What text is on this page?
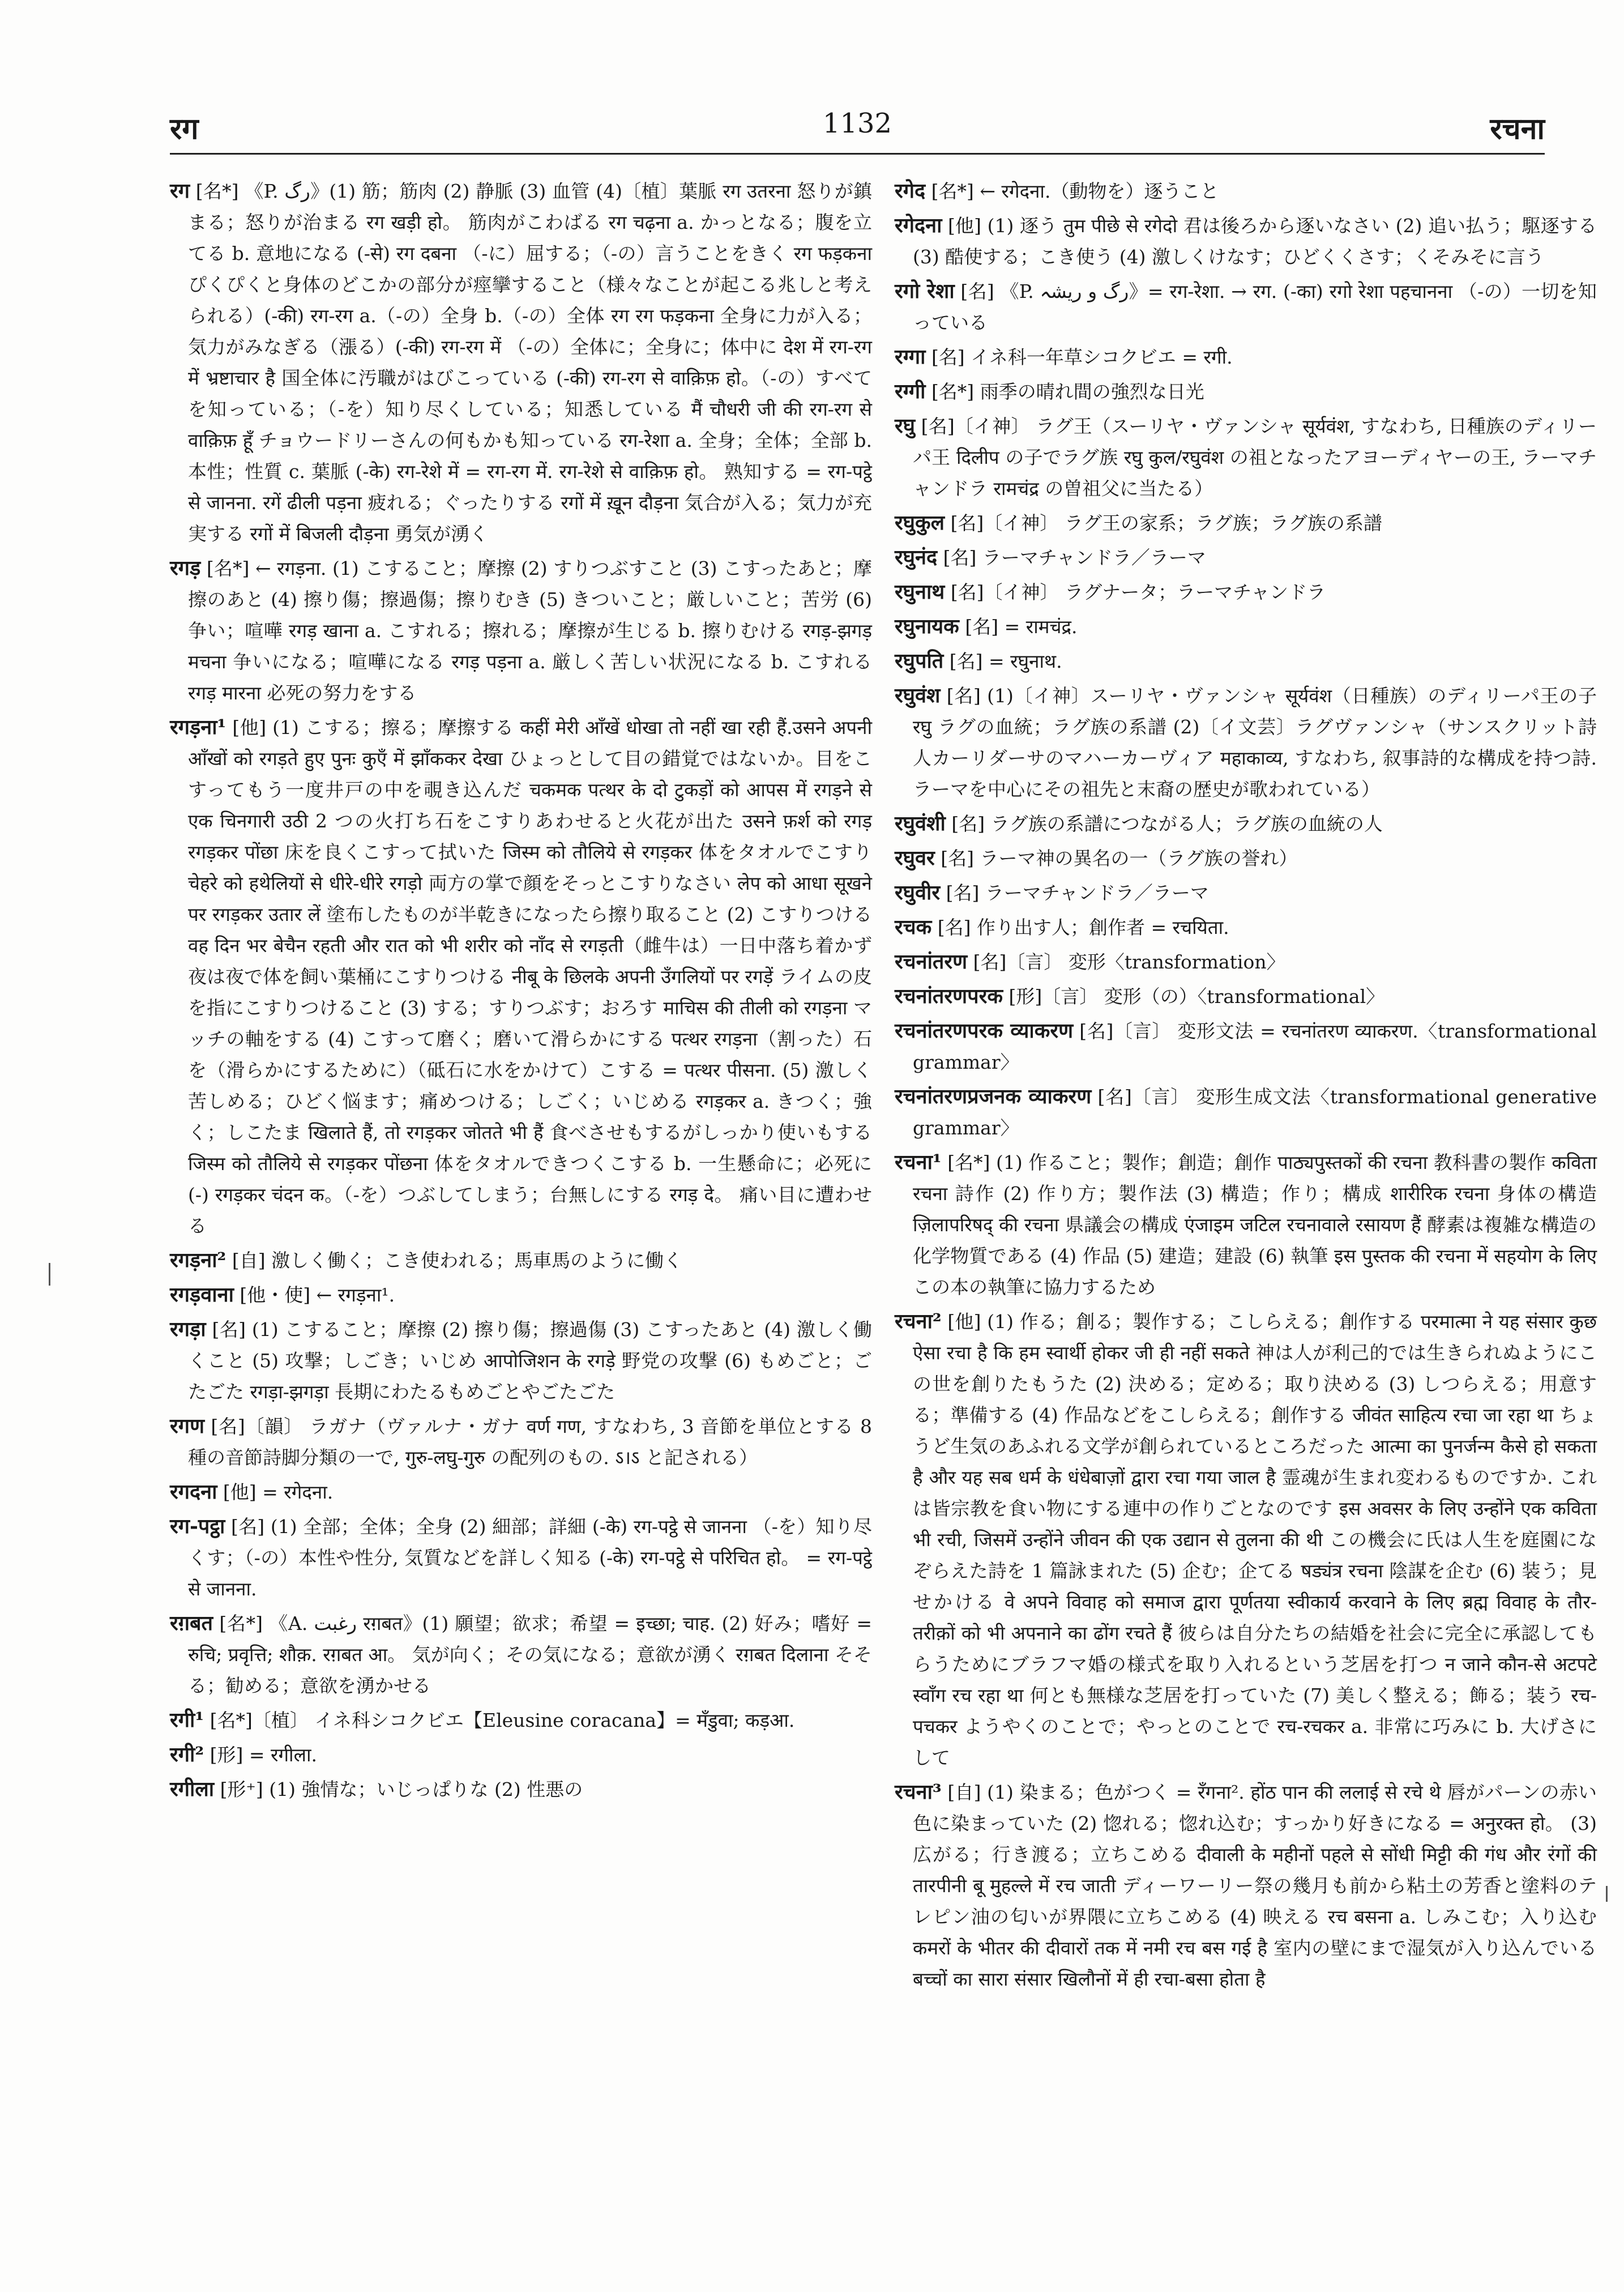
रग	1132	रचना

रग [名*] 《P. رگ》(1) 筋；筋肉 (2) 静脈 (3) 血管 (4)〔植〕葉脈 रग उतरना 怒りが鎮まる；怒りが治まる रग खड़ी हो。 筋肉がこわばる रग चढ़ना a. かっとなる；腹を立てる b. 意地になる (-से) रग दबना （-に）屈する；（-の）言うことをきく रग फड़कना ぴくぴくと身体のどこかの部分が痙攣すること（様々なことが起こる兆しと考えられる）(-की) रग-रग a.（-の）全身 b.（-の）全体 रग रग फड़कना 全身に力が入る；気力がみなぎる（漲る）(-की) रग-रग में （-の）全体に；全身に；体中に देश में रग-रग में भ्रष्टाचार है 国全体に汚職がはびこっている (-की) रग-रग से वाक़िफ़ हो。（-の）すべてを知っている；（-を）知り尽くしている；知悉している मैं चौधरी जी की रग-रग से वाक़िफ़ हूँ チョウードリーさんの何もかも知っている रग-रेशा a. 全身；全体；全部 b. 本性；性質 c. 葉脈 (-के) रग-रेशे में = रग-रग में. रग-रेशे से वाक़िफ़ हो。 熟知する = रग-पट्ठे से जानना. रगें ढीली पड़ना 疲れる；ぐったりする रगों में ख़ून दौड़ना 気合が入る；気力が充実する रगों में बिजली दौड़ना 勇気が湧く

रगड़ [名*] ← रगड़ना. (1) こすること；摩擦 (2) すりつぶすこと (3) こすったあと；摩擦のあと (4) 擦り傷；擦過傷；擦りむき (5) きついこと；厳しいこと；苦労 (6) 争い；喧嘩 रगड़ खाना a. こすれる；擦れる；摩擦が生じる b. 擦りむける रगड़-झगड़ मचना 争いになる；喧嘩になる रगड़ पड़ना a. 厳しく苦しい状況になる b. こすれる रगड़ मारना 必死の努力をする

रगड़ना¹ [他] (1) こする；擦る；摩擦する कहीं मेरी आँखें धोखा तो नहीं खा रही हैं.उसने अपनी आँखों को रगड़ते हुए पुनः कुएँ में झाँककर देखा ひょっとして目の錯覚ではないか。目をこすってもう一度井戸の中を覗き込んだ चकमक पत्थर के दो टुकड़ों को आपस में रगड़ने से एक चिनगारी उठी 2 つの火打ち石をこすりあわせると火花が出た उसने फ़र्श को रगड़ रगड़कर पोंछा 床を良くこすって拭いた जिस्म को तौलिये से रगड़कर 体をタオルでこすり चेहरे को हथेलियों से धीरे-धीरे रगड़ो 両方の掌で顔をそっとこすりなさい लेप को आधा सूखने पर रगड़कर उतार लें 塗布したものが半乾きになったら擦り取ること (2) こすりつける वह दिन भर बेचैन रहती और रात को भी शरीर को नाँद से रगड़ती（雌牛は）一日中落ち着かず夜は夜で体を飼い葉桶にこすりつける नीबू के छिलके अपनी उँगलियों पर रगड़ें ライムの皮を指にこすりつけること (3) する；すりつぶす；おろす माचिस की तीली को रगड़ना マッチの軸をする (4) こすって磨く；磨いて滑らかにする पत्थर रगड़ना（割った）石を（滑らかにするために）（砥石に水をかけて）こする = पत्थर पीसना. (5) 激しく苦しめる；ひどく悩ます；痛めつける；しごく；いじめる रगड़कर a. きつく；強く；しこたま खिलाते हैं, तो रगड़कर जोतते भी हैं 食べさせもするがしっかり使いもする जिस्म को तौलिये से रगड़कर पोंछना 体をタオルできつくこする b. 一生懸命に；必死に (-) रगड़कर चंदन क。（-を）つぶしてしまう；台無しにする रगड़ दे。 痛い目に遭わせる

रगड़ना² [自] 激しく働く；こき使われる；馬車馬のように働く

रगड़वाना [他・使] ← रगड़ना¹.

रगड़ा [名] (1) こすること；摩擦 (2) 擦り傷；擦過傷 (3) こすったあと (4) 激しく働くこと (5) 攻撃；しごき；いじめ आपोजिशन के रगड़े 野党の攻撃 (6) もめごと；ごたごた रगड़ा-झगड़ा 長期にわたるもめごとやごたごた

रगण [名]〔韻〕 ラガナ（ヴァルナ・ガナ वर्ण गण, すなわち, 3 音節を単位とする 8 種の音節詩脚分類の一で, गुरु-लघु-गुरु の配列のもの. ऽ।ऽ と記される）

रगदना [他] = रगेदना.

रग-पट्ठा [名] (1) 全部；全体；全身 (2) 細部；詳細 (-के) रग-पट्ठे से जानना （-を）知り尽くす；（-の）本性や性分, 気質などを詳しく知る (-के) रग-पट्ठे से परिचित हो。 = रग-पट्ठे से जानना.

रग़बत [名*] 《A. رغبت रग़बत》(1) 願望；欲求；希望 = इच्छा; चाह. (2) 好み；嗜好 = रुचि; प्रवृत्ति; शौक़. रग़बत आ。 気が向く；その気になる；意欲が湧く रग़बत दिलाना そそる；勧める；意欲を湧かせる

रगी¹ [名*]〔植〕 イネ科シコクビエ【Eleusine coracana】= मँडुवा; कड़आ.

रगी² [形] = रगीला.

रगीला [形⁺] (1) 強情な；いじっぱりな (2) 性悪の

रगेद [名*] ← रगेदना.（動物を）逐うこと

रगेदना [他] (1) 逐う तुम पीछे से रगेदो 君は後ろから逐いなさい (2) 追い払う；駆逐する (3) 酷使する；こき使う (4) 激しくけなす；ひどくくさす；くそみそに言う

रगो रेशा [名] 《P. رگ و ریشہ》= रग-रेशा. → रग. (-का) रगो रेशा पहचानना （-の）一切を知っている

रग्गा [名] イネ科一年草シコクビエ = रगी.

रग्गी [名*] 雨季の晴れ間の強烈な日光

रघु [名]〔イ神〕 ラグ王（スーリヤ・ヴァンシャ सूर्यवंश, すなわち, 日種族のディリーパ王 दिलीप の子でラグ族 रघु कुल/रघुवंश の祖となったアヨーディヤーの王, ラーマチャンドラ रामचंद्र の曽祖父に当たる）

रघुकुल [名]〔イ神〕 ラグ王の家系；ラグ族；ラグ族の系譜

रघुनंद [名] ラーマチャンドラ／ラーマ

रघुनाथ [名]〔イ神〕 ラグナータ；ラーマチャンドラ

रघुनायक [名] = रामचंद्र.

रघुपति [名] = रघुनाथ.

रघुवंश [名] (1)〔イ神〕スーリヤ・ヴァンシャ सूर्यवंश（日種族）のディリーパ王の子 रघु ラグの血統；ラグ族の系譜 (2)〔イ文芸〕ラグヴァンシャ（サンスクリット詩人カーリダーサのマハーカーヴィア महाकाव्य, すなわち, 叙事詩的な構成を持つ詩. ラーマを中心にその祖先と末裔の歴史が歌われている）

रघुवंशी [名] ラグ族の系譜につながる人；ラグ族の血統の人

रघुवर [名] ラーマ神の異名の一（ラグ族の誉れ）

रघुवीर [名] ラーマチャンドラ／ラーマ

रचक [名] 作り出す人；創作者 = रचयिता.

रचनांतरण [名]〔言〕 変形〈transformation〉

रचनांतरणपरक [形]〔言〕 変形（の）〈transformational〉

रचनांतरणपरक व्याकरण [名]〔言〕 変形文法 = रचनांतरण व्याकरण.〈transformational grammar〉

रचनांतरणप्रजनक व्याकरण [名]〔言〕 変形生成文法〈transformational generative grammar〉

रचना¹ [名*] (1) 作ること；製作；創造；創作 पाठ्यपुस्तकों की रचना 教科書の製作 कविता रचना 詩作 (2) 作り方；製作法 (3) 構造；作り；構成 शारीरिक रचना 身体の構造 ज़िलापरिषद् की रचना 県議会の構成 एंजाइम जटिल रचनावाले रसायण हैं 酵素は複雑な構造の化学物質である (4) 作品 (5) 建造；建設 (6) 執筆 इस पुस्तक की रचना में सहयोग के लिए この本の執筆に協力するため

रचना² [他] (1) 作る；創る；製作する；こしらえる；創作する परमात्मा ने यह संसार कुछ ऐसा रचा है कि हम स्वार्थी होकर जी ही नहीं सकते 神は人が利己的では生きられぬようにこの世を創りたもうた (2) 決める；定める；取り決める (3) しつらえる；用意する；準備する (4) 作品などをこしらえる；創作する जीवंत साहित्य रचा जा रहा था ちょうど生気のあふれる文学が創られているところだった आत्मा का पुनर्जन्म कैसे हो सकता है और यह सब धर्म के धंधेबाज़ों द्वारा रचा गया जाल है 霊魂が生まれ変わるものですか. これは皆宗教を食い物にする連中の作りごとなのです इस अवसर के लिए उन्होंने एक कविता भी रची, जिसमें उन्होंने जीवन की एक उद्यान से तुलना की थी この機会に氏は人生を庭園になぞらえた詩を 1 篇詠まれた (5) 企む；企てる षड्यंत्र रचना 陰謀を企む (6) 装う；見せかける वे अपने विवाह को समाज द्वारा पूर्णतया स्वीकार्य करवाने के लिए ब्रह्म विवाह के तौर-तरीक़ों को भी अपनाने का ढोंग रचते हैं 彼らは自分たちの結婚を社会に完全に承認してもらうためにブラフマ婚の様式を取り入れるという芝居を打つ न जाने कौन-से अटपटे स्वाँग रच रहा था 何とも無様な芝居を打っていた (7) 美しく整える；飾る；装う रच-पचकर ようやくのことで；やっとのことで रच-रचकर a. 非常に巧みに b. 大げさにして

रचना³ [自] (1) 染まる；色がつく = रँगना². होंठ पान की ललाई से रचे थे 唇がパーンの赤い色に染まっていた (2) 惚れる；惚れ込む；すっかり好きになる = अनुरक्त हो。 (3) 広がる；行き渡る；立ちこめる दीवाली के महीनों पहले से सोंधी मिट्टी की गंध और रंगों की तारपीनी बू मुहल्ले में रच जाती ディーワーリー祭の幾月も前から粘土の芳香と塗料のテレピン油の匂いが界隈に立ちこめる (4) 映える रच बसना a. しみこむ；入り込む कमरों के भीतर की दीवारों तक में नमी रच बस गई है 室内の壁にまで湿気が入り込んでいる बच्चों का सारा संसार खिलौनों में ही रचा-बसा होता है
